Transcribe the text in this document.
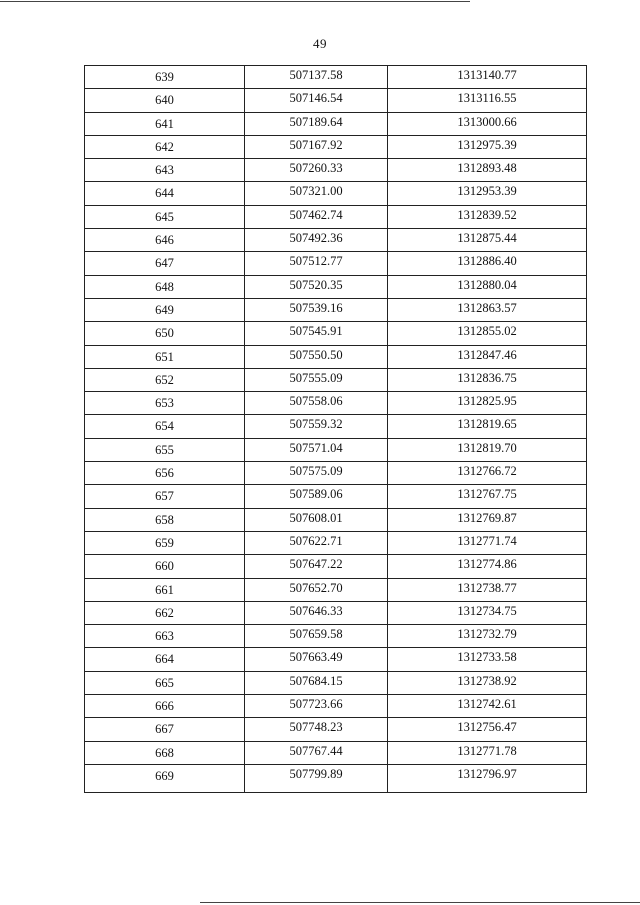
49
639	507137.58	1313140.77
640	507146.54	1313116.55
641	507189.64	1313000.66
642	507167.92	1312975.39
643	507260.33	1312893.48
644	507321.00	1312953.39
645	507462.74	1312839.52
646	507492.36	1312875.44
647	507512.77	1312886.40
648	507520.35	1312880.04
649	507539.16	1312863.57
650	507545.91	1312855.02
651	507550.50	1312847.46
652	507555.09	1312836.75
653	507558.06	1312825.95
654	507559.32	1312819.65
655	507571.04	1312819.70
656	507575.09	1312766.72
657	507589.06	1312767.75
658	507608.01	1312769.87
659	507622.71	1312771.74
660	507647.22	1312774.86
661	507652.70	1312738.77
662	507646.33	1312734.75
663	507659.58	1312732.79
664	507663.49	1312733.58
665	507684.15	1312738.92
666	507723.66	1312742.61
667	507748.23	1312756.47
668	507767.44	1312771.78
669	507799.89	1312796.97
